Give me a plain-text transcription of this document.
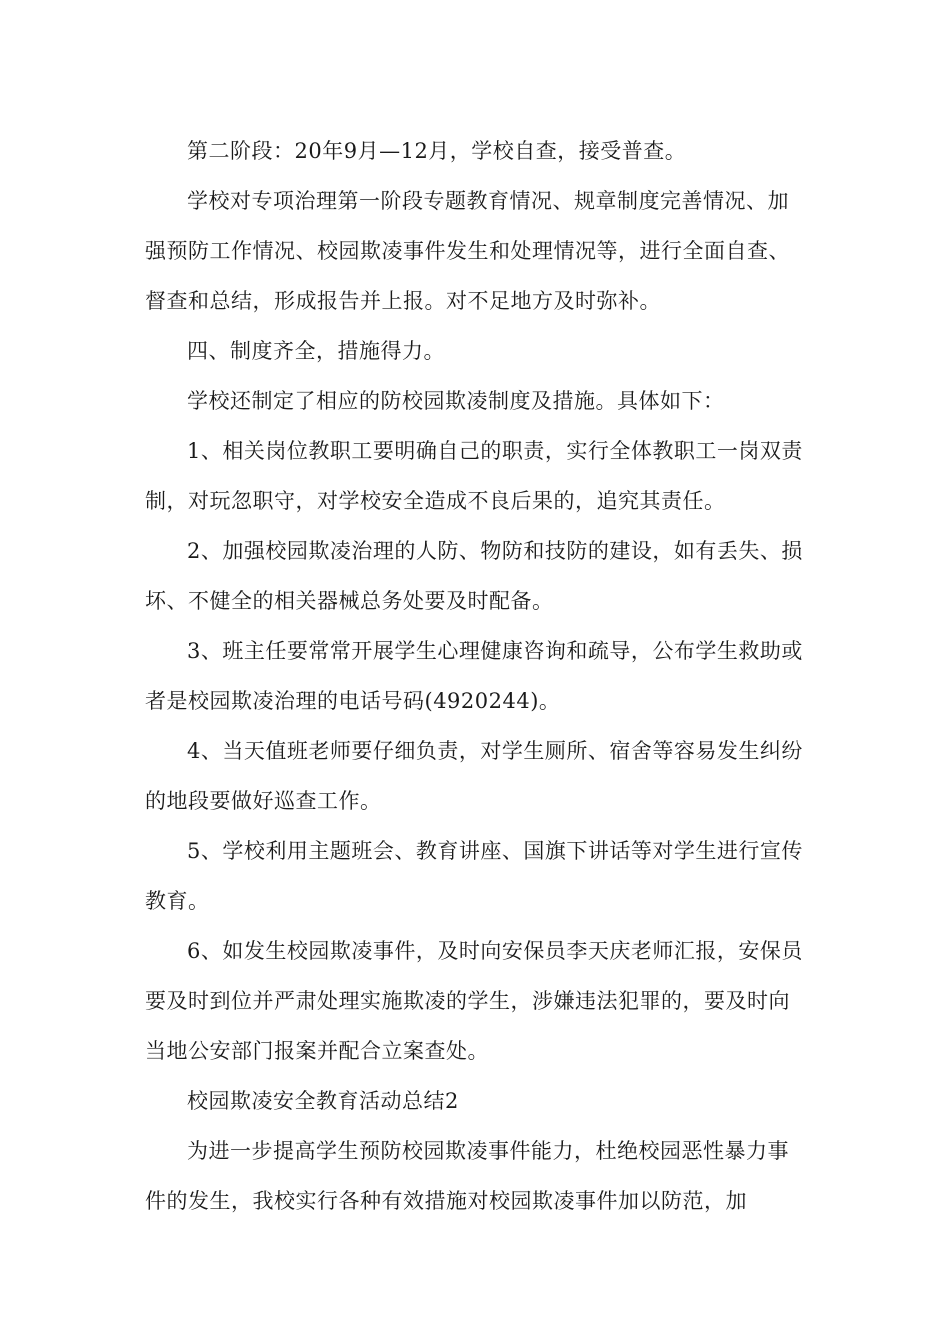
第二阶段：20年9月—12月，学校自查，接受普查。

学校对专项治理第一阶段专题教育情况、规章制度完善情况、加强预防工作情况、校园欺凌事件发生和处理情况等，进行全面自查、督查和总结，形成报告并上报。对不足地方及时弥补。

四、制度齐全，措施得力。

学校还制定了相应的防校园欺凌制度及措施。具体如下：

1、相关岗位教职工要明确自己的职责，实行全体教职工一岗双责制，对玩忽职守，对学校安全造成不良后果的，追究其责任。

2、加强校园欺凌治理的人防、物防和技防的建设，如有丢失、损坏、不健全的相关器械总务处要及时配备。

3、班主任要常常开展学生心理健康咨询和疏导，公布学生救助或者是校园欺凌治理的电话号码(4920244)。

4、当天值班老师要仔细负责，对学生厕所、宿舍等容易发生纠纷的地段要做好巡查工作。

5、学校利用主题班会、教育讲座、国旗下讲话等对学生进行宣传教育。

6、如发生校园欺凌事件，及时向安保员李天庆老师汇报，安保员要及时到位并严肃处理实施欺凌的学生，涉嫌违法犯罪的，要及时向当地公安部门报案并配合立案查处。

校园欺凌安全教育活动总结2

为进一步提高学生预防校园欺凌事件能力，杜绝校园恶性暴力事件的发生，我校实行各种有效措施对校园欺凌事件加以防范，加
